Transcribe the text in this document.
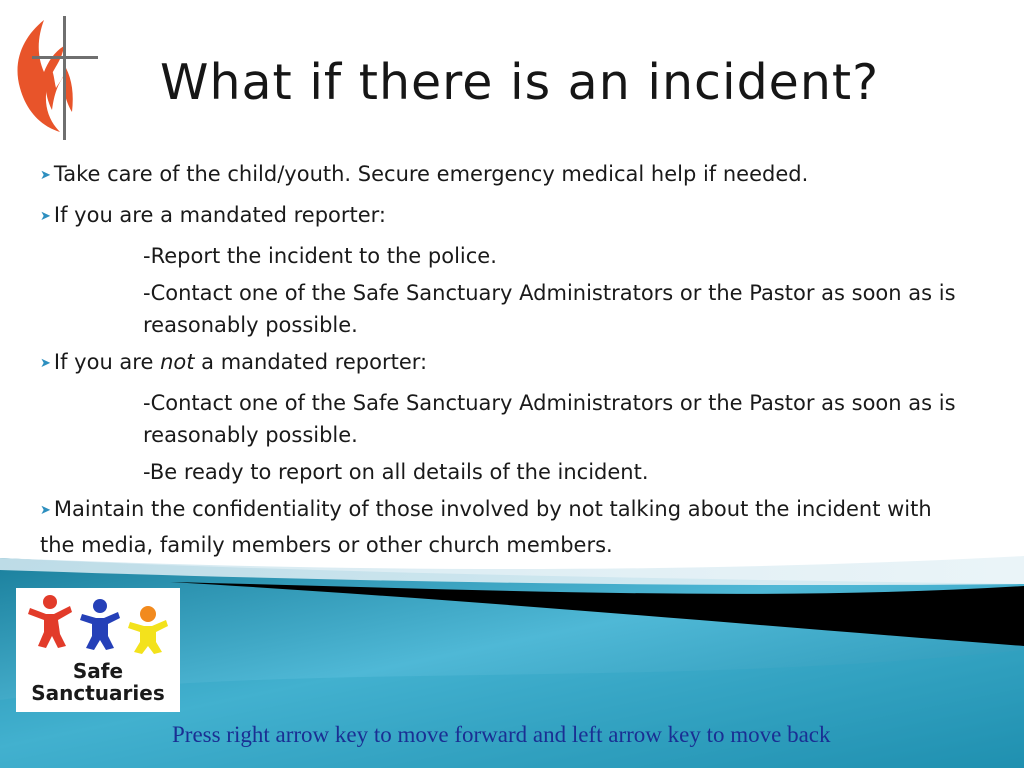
What if there is an incident?
➤ Take care of the child/youth. Secure emergency medical help if needed.
➤ If you are a mandated reporter:
-Report the incident to the police.
-Contact one of the Safe Sanctuary Administrators or the Pastor as soon as is reasonably possible.
➤ If you are not a mandated reporter:
-Contact one of the Safe Sanctuary Administrators or the Pastor as soon as is reasonably possible.
-Be ready to report on all details of the incident.
➤ Maintain the confidentiality of those involved by not talking about the incident with the media, family members or other church members.
Safe
Sanctuaries
Press right arrow key to move forward and left arrow key to move back
